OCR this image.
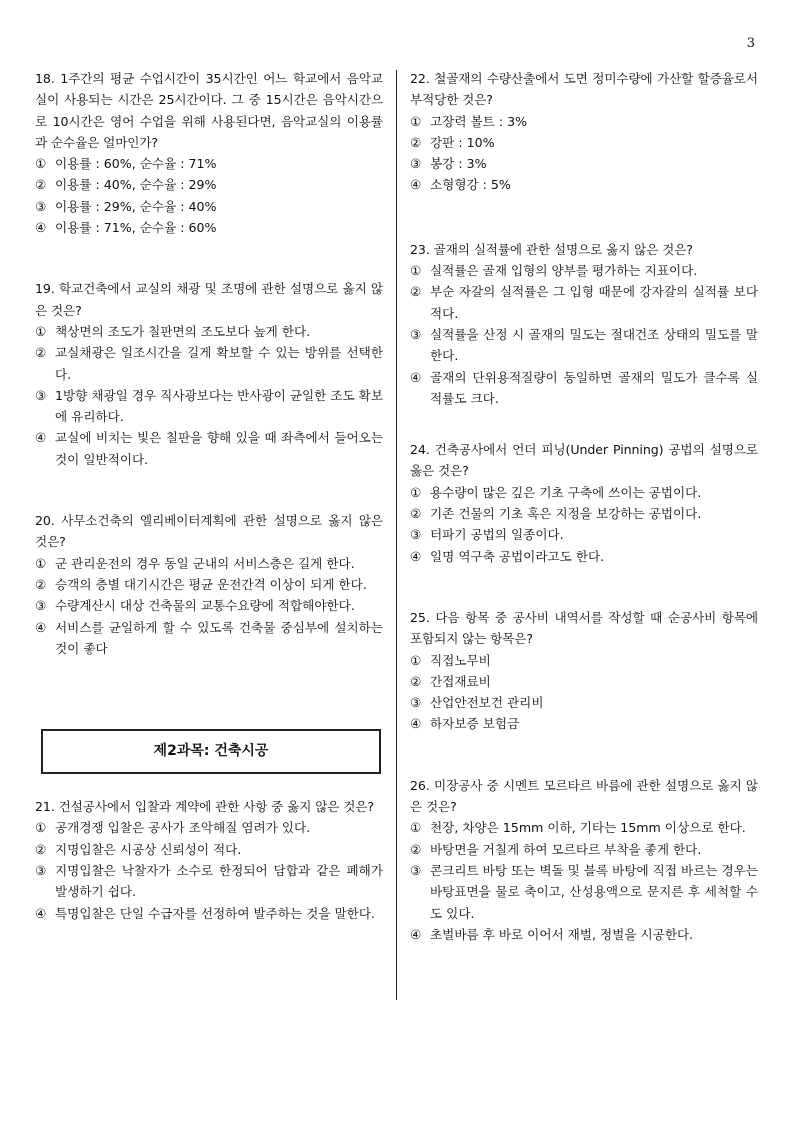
3
18. 1주간의 평균 수업시간이 35시간인 어느 학교에서 음악교실이 사용되는 시간은 25시간이다. 그 중 15시간은 음악시간으로 10시간은 영어 수업을 위해 사용된다면, 음악교실의 이용률과 순수율은 얼마인가?
① 이용률 : 60%, 순수율 : 71%
② 이용률 : 40%, 순수율 : 29%
③ 이용률 : 29%, 순수율 : 40%
④ 이용률 : 71%, 순수율 : 60%
19. 학교건축에서 교실의 채광 및 조명에 관한 설명으로 옳지 않은 것은?
① 책상면의 조도가 칠판면의 조도보다 높게 한다.
② 교실채광은 일조시간을 길게 확보할 수 있는 방위를 선택한다.
③ 1방향 채광일 경우 직사광보다는 반사광이 균일한 조도 확보에 유리하다.
④ 교실에 비치는 빛은 칠판을 향해 있을 때 좌측에서 들어오는 것이 일반적이다.
20. 사무소건축의 엘리베이터계획에 관한 설명으로 옳지 않은 것은?
① 군 관리운전의 경우 동일 군내의 서비스층은 길게 한다.
② 승객의 층별 대기시간은 평균 운전간격 이상이 되게 한다.
③ 수량계산시 대상 건축물의 교통수요량에 적합해야한다.
④ 서비스를 균일하게 할 수 있도록 건축물 중심부에 설치하는 것이 좋다
제2과목: 건축시공
21. 건설공사에서 입찰과 계약에 관한 사항 중 옳지 않은 것은?
① 공개경쟁 입찰은 공사가 조악해질 염려가 있다.
② 지명입찰은 시공상 신뢰성이 적다.
③ 지명입찰은 낙찰자가 소수로 한정되어 담합과 같은 폐해가 발생하기 쉽다.
④ 특명입찰은 단일 수급자를 선정하여 발주하는 것을 말한다.
22. 철골재의 수량산출에서 도면 정미수량에 가산할 할증율로서 부적당한 것은?
① 고장력 볼트 : 3%
② 강판 : 10%
③ 봉강 : 3%
④ 소형형강 : 5%
23. 골재의 실적률에 관한 설명으로 옳지 않은 것은?
① 실적률은 골재 입형의 양부를 평가하는 지표이다.
② 부순 자갈의 실적률은 그 입형 때문에 강자갈의 실적률 보다 적다.
③ 실적률을 산정 시 골재의 밀도는 절대건조 상태의 밀도를 말한다.
④ 골재의 단위용적질량이 동일하면 골재의 밀도가 클수록 실적률도 크다.
24. 건축공사에서 언더 피닝(Under Pinning) 공법의 설명으로 옳은 것은?
① 용수량이 많은 깊은 기초 구축에 쓰이는 공법이다.
② 기존 건물의 기초 혹은 지정을 보강하는 공법이다.
③ 터파기 공법의 일종이다.
④ 일명 역구축 공법이라고도 한다.
25. 다음 항목 중 공사비 내역서를 작성할 때 순공사비 항목에 포함되지 않는 항목은?
① 직접노무비
② 간접재료비
③ 산업안전보건 관리비
④ 하자보증 보험금
26. 미장공사 중 시멘트 모르타르 바름에 관한 설명으로 옳지 않은 것은?
① 천장, 차양은 15mm 이하, 기타는 15mm 이상으로 한다.
② 바탕면을 거칠게 하여 모르타르 부착을 좋게 한다.
③ 콘크리트 바탕 또는 벽돌 및 블록 바탕에 직접 바르는 경우는 바탕표면을 물로 축이고, 산성용액으로 문지른 후 세척할 수도 있다.
④ 초벌바름 후 바로 이어서 재벌, 정벌을 시공한다.
